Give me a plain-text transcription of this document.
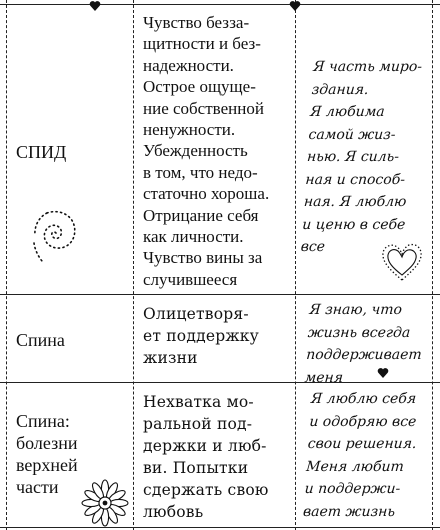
СПИД
Чувство безза-
щитности и без-
надежности.
Острое ощуще-
ние собственной
ненужности.
Убежденность
в том, что недо-
статочно хороша.
Отрицание себя
как личности.
Чувство вины за
случившееся
Я часть миро-
здания.
Я любима
самой жиз-
нью. Я силь-
ная и способ-
ная. Я люблю
и ценю в себе
все
Спина
Олицетворя-
ет поддержку
жизни
Я знаю, что
жизнь всегда
поддерживает
меня
Спина:
болезни
верхней
части
Нехватка мо-
ральной под-
держки и люб-
ви. Попытки
сдержать свою
любовь
Я люблю себя
и одобряю все
свои решения.
Меня любит
и поддержи-
вает жизнь
